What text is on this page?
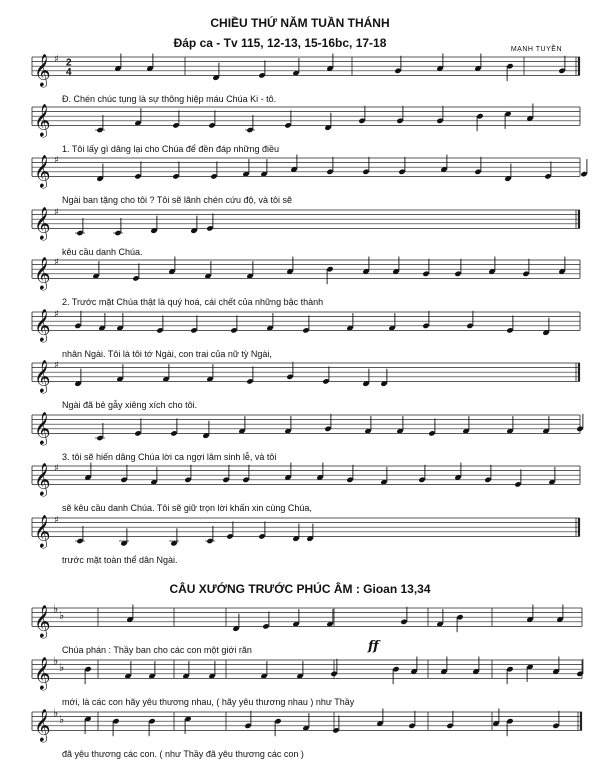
CHIỀU THỨ NĂM TUẦN THÁNH
Đáp ca - Tv 115, 12-13, 15-16bc, 17-18	MẠNH TUYỀN
CÂU XƯỚNG TRƯỚC PHÚC ÂM : Gioan 13,34
𝄞 ♯ 2
4
𝄞
𝄞 ♯
𝄞 ♯
𝄞 ♯
𝄞 ♯
𝄞 ♯
𝄞
𝄞 ♯
𝄞 ♯
𝄞 ♭ ♭
𝄞 ♭ ♭
𝄞 ♭ ♭
ff
Đ. Chén chúc tụng là sự thông hiệp máu Chúa Ki - tô.
1. Tôi lấy gì dâng lại cho Chúa để đền đáp những điều
Ngài ban tặng cho tôi ? Tôi sẽ lãnh chén cứu độ, và tôi sẽ
kêu cầu danh Chúa.
2. Trước mặt Chúa thật là quý hoá, cái chết của những bậc thành
nhân Ngài. Tôi là tôi tớ Ngài, con trai của nữ tỳ Ngài,
Ngài đã bẻ gẫy xiêng xích cho tôi.
3. tôi sẽ hiến dâng Chúa lời ca ngợi lâm sinh lễ, và tôi
sẽ kêu cầu danh Chúa. Tôi sẽ giữ trọn lời khấn xin cùng Chúa,
trước mặt toàn thể dân Ngài.
Chúa phán : Thầy ban cho các con một giới răn
mới, là các con hãy yêu thương nhau, ( hãy yêu thương nhau ) như Thầy
đã yêu thương các con. ( như Thầy đã yêu thương các con )
